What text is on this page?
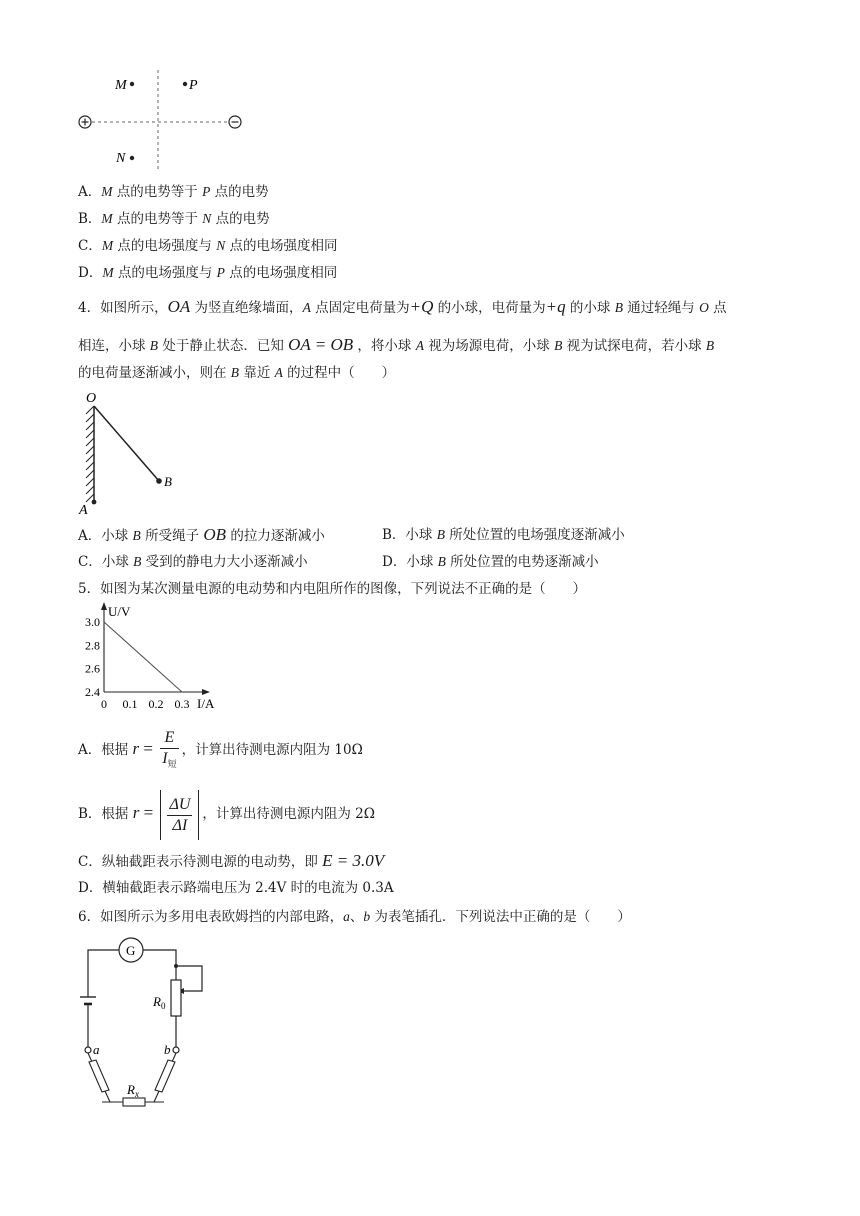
M	P
N
A．M 点的电势等于 P 点的电势
B．M 点的电势等于 N 点的电势
C．M 点的电场强度与 N 点的电场强度相同
D．M 点的电场强度与 P 点的电场强度相同
4．如图所示，OA 为竖直绝缘墙面，A 点固定电荷量为+Q 的小球，电荷量为+q 的小球 B 通过轻绳与 O 点
相连，小球 B 处于静止状态．已知 OA = OB ，将小球 A 视为场源电荷，小球 B 视为试探电荷，若小球 B
的电荷量逐渐减小，则在 B 靠近 A 的过程中（　　）
O
B
A
A．小球 B 所受绳子 OB 的拉力逐渐减小	B．小球 B 所处位置的电场强度逐渐减小
C．小球 B 受到的静电力大小逐渐减小	D．小球 B 所处位置的电势逐渐减小
5．如图为某次测量电源的电动势和内电阻所作的图像，下列说法不正确的是（　　）
I/A
U/V
0 0.1 0.2 0.3
2.4
2.6
2.8
3.0
A．根据 $r = \frac{E}{I_短}$ ，计算出待测电源内阻为 10Ω
B．根据 $r = \frac{\Delta U}{\Delta I}$ ，计算出待测电源内阻为 2Ω
C．纵轴截距表示待测电源的电动势，即 E = 3.0V
D．横轴截距表示路端电压为 2.4V 时的电流为 0.3A
6．如图所示为多用电表欧姆挡的内部电路，a、b 为表笔插孔．下列说法中正确的是（　　）
G
$R_0$
a	b
$R_x$
